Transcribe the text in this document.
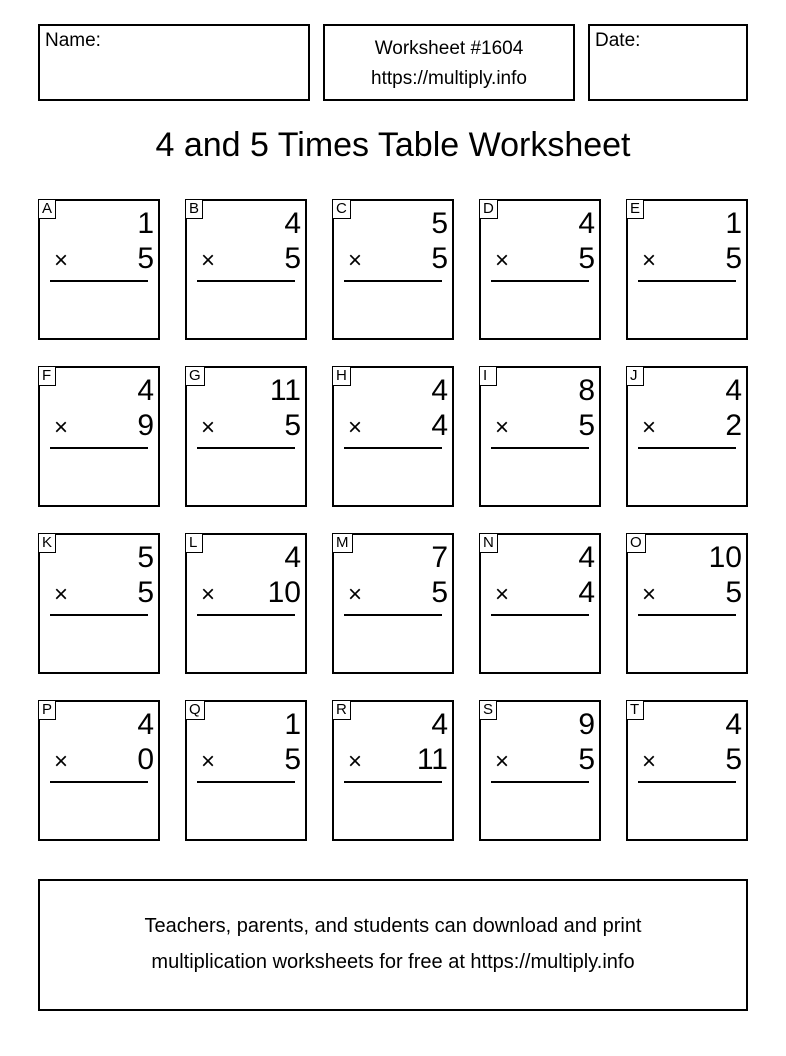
Name:	Worksheet #1604
https://multiply.info
Date:
4 and 5 Times Table Worksheet
A	1
× 5
B	4
× 5
C	5
× 5
D	4
× 5
E	1
× 5
F	4
× 9
G 11
× 5
H	4
× 4
I	8
× 5
J	4
× 2
K	5
× 5
L	4
× 10
M	7
× 5
N	4
× 4
O 10
× 5
P	4
× 0
Q	1
× 5
R	4
× 11
S	9
× 5
T	4
× 5
Teachers, parents, and students can download and print
multiplication worksheets for free at https://multiply.info
